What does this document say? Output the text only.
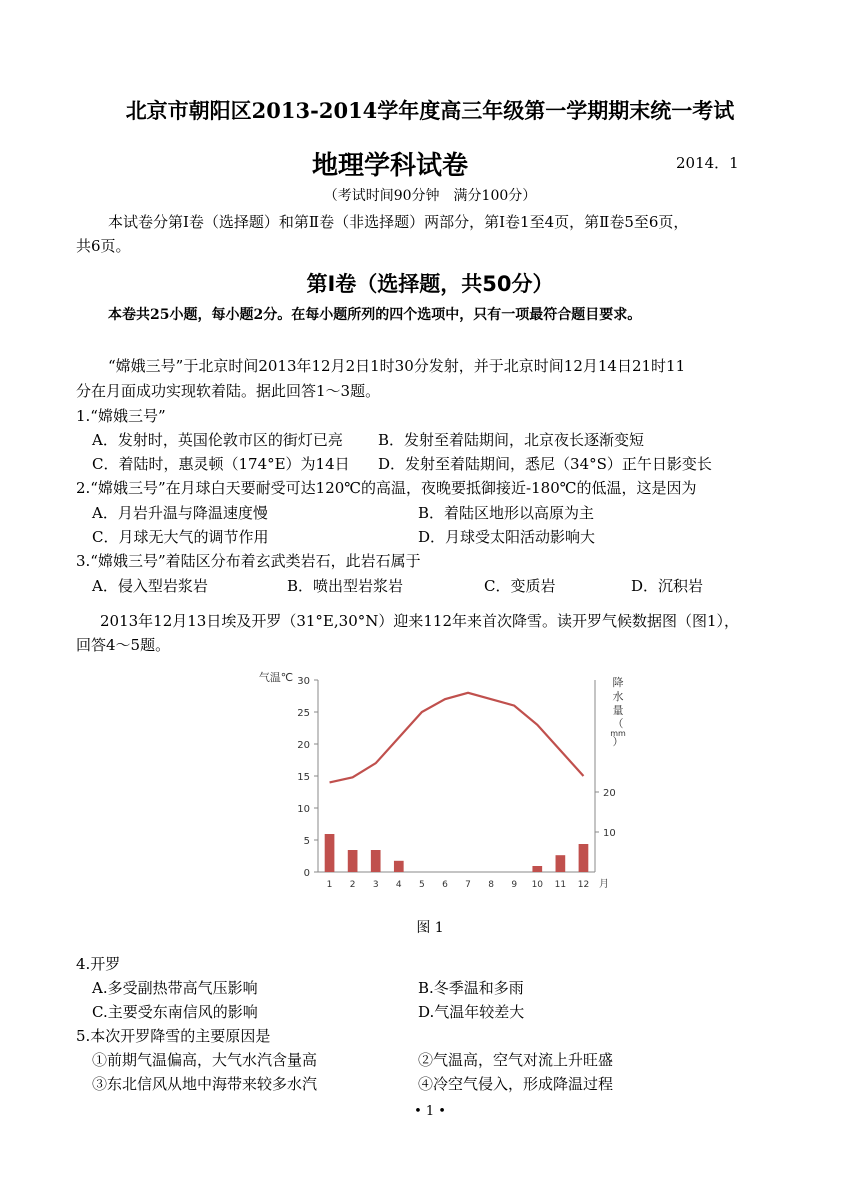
北京市朝阳区2013-2014学年度高三年级第一学期期末统一考试
地理学科试卷	2014．1
（考试时间90分钟　满分100分）
本试卷分第Ⅰ卷（选择题）和第Ⅱ卷（非选择题）两部分，第Ⅰ卷1至4页，第Ⅱ卷5至6页，
共6页。
第Ⅰ卷（选择题，共50分）
本卷共25小题，每小题2分。在每小题所列的四个选项中，只有一项最符合题目要求。
“嫦娥三号”于北京时间2013年12月2日1时30分发射，并于北京时间12月14日21时11
分在月面成功实现软着陆。据此回答1～3题。
1.“嫦娥三号”
A．发射时，英国伦敦市区的街灯已亮 B．发射至着陆期间，北京夜长逐渐变短
C．着陆时，惠灵顿（174°E）为14日 D．发射至着陆期间，悉尼（34°S）正午日影变长
2.“嫦娥三号”在月球白天要耐受可达120℃的高温，夜晚要抵御接近-180℃的低温，这是因为
A．月岩升温与降温速度慢	B．着陆区地形以高原为主
C．月球无大气的调节作用	D．月球受太阳活动影响大
3.“嫦娥三号”着陆区分布着玄武类岩石，此岩石属于
A．侵入型岩浆岩	B．喷出型岩浆岩	C．变质岩	D．沉积岩
2013年12月13日埃及开罗（31°E,30°N）迎来112年来首次降雪。读开罗气候数据图（图1），
回答4～5题。
0
5
10
15
20
25
30
10
20
气温℃	降
水
量
（
mm
）
1 2 3 4 5 6 7 8 9 10 11 12 月
图 1
4.开罗
A.多受副热带高气压影响	B.冬季温和多雨
C.主要受东南信风的影响	D.气温年较差大
5.本次开罗降雪的主要原因是
①前期气温偏高，大气水汽含量高	②气温高，空气对流上升旺盛
③东北信风从地中海带来较多水汽	④冷空气侵入，形成降温过程
• 1 •
